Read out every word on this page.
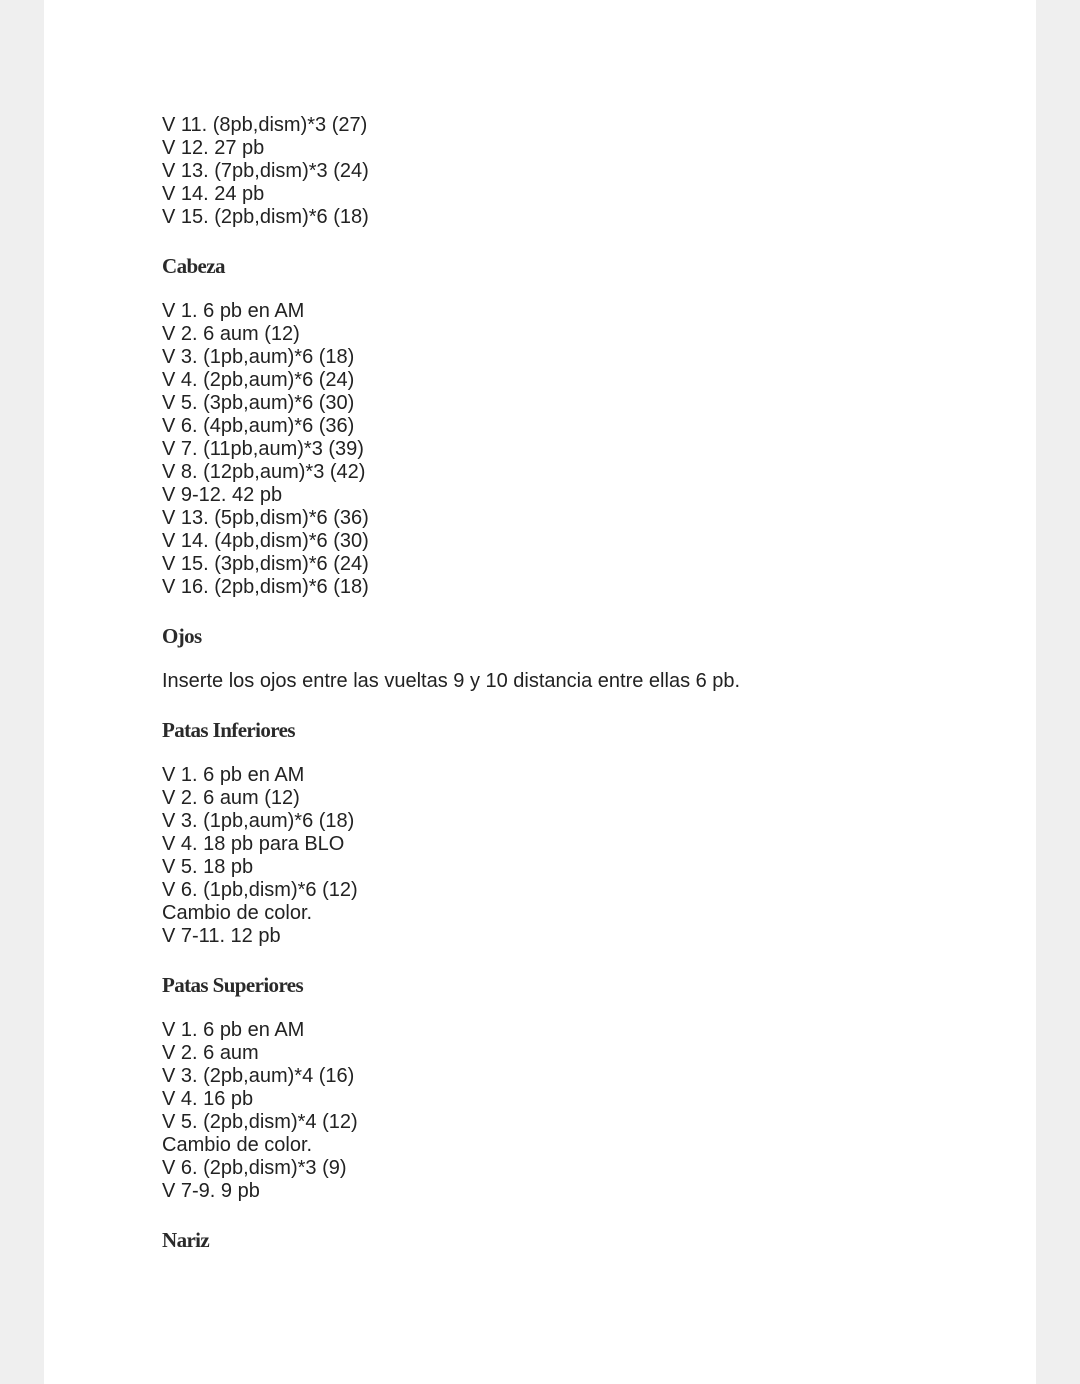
V 11. (8pb,dism)*3 (27)
V 12. 27 pb
V 13. (7pb,dism)*3 (24)
V 14. 24 pb
V 15. (2pb,dism)*6 (18)
Cabeza
V 1. 6 pb en AM
V 2. 6 aum (12)
V 3. (1pb,aum)*6 (18)
V 4. (2pb,aum)*6 (24)
V 5. (3pb,aum)*6 (30)
V 6. (4pb,aum)*6 (36)
V 7. (11pb,aum)*3 (39)
V 8. (12pb,aum)*3 (42)
V 9-12. 42 pb
V 13. (5pb,dism)*6 (36)
V 14. (4pb,dism)*6 (30)
V 15. (3pb,dism)*6 (24)
V 16. (2pb,dism)*6 (18)
Ojos

Inserte los ojos entre las vueltas 9 y 10 distancia entre ellas 6 pb.

Patas Inferiores
V 1. 6 pb en AM
V 2. 6 aum (12)
V 3. (1pb,aum)*6 (18)
V 4. 18 pb para BLO
V 5. 18 pb
V 6. (1pb,dism)*6 (12)
Cambio de color.
V 7-11. 12 pb
Patas Superiores
V 1. 6 pb en AM
V 2. 6 aum
V 3. (2pb,aum)*4 (16)
V 4. 16 pb
V 5. (2pb,dism)*4 (12)
Cambio de color.
V 6. (2pb,dism)*3 (9)
V 7-9. 9 pb
Nariz
